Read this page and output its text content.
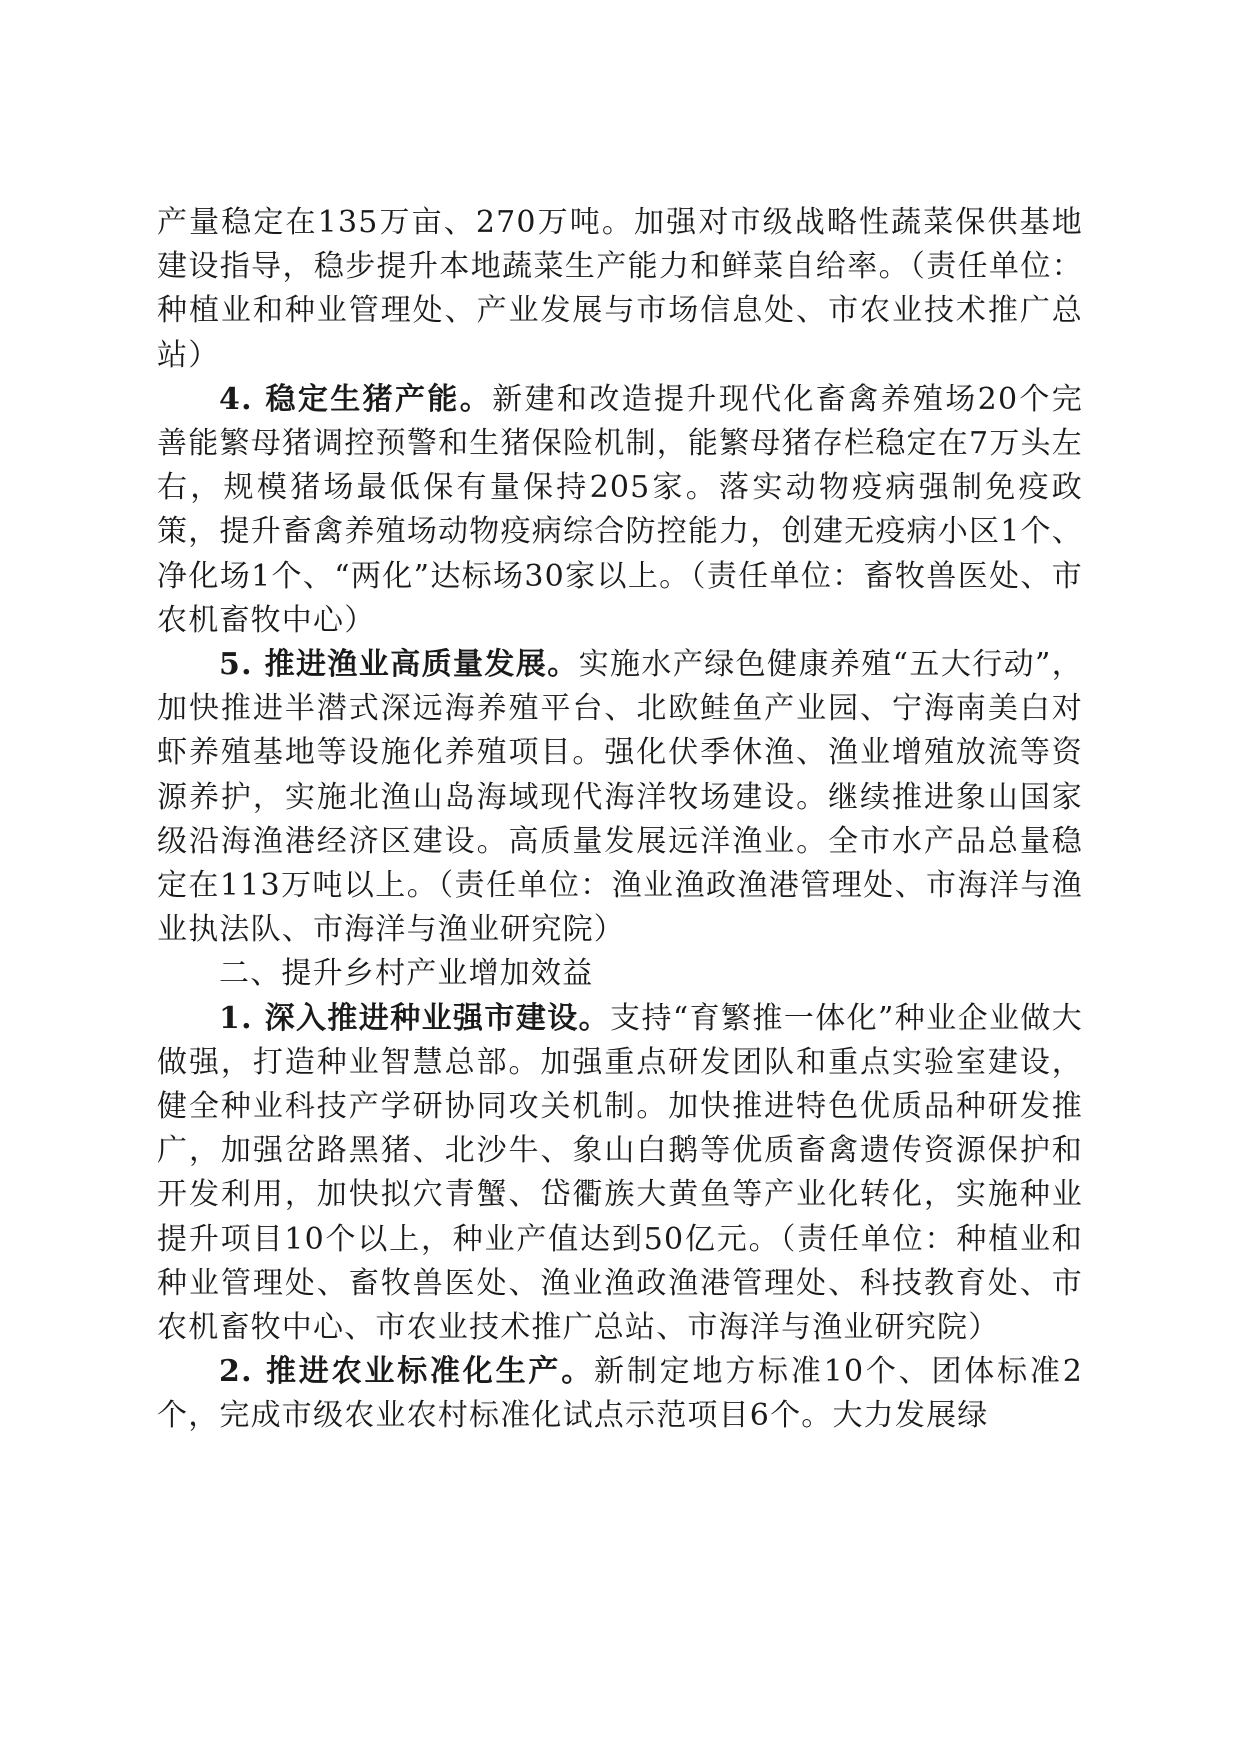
产量稳定在135万亩、270万吨。加强对市级战略性蔬菜保供基地建设指导，稳步提升本地蔬菜生产能力和鲜菜自给率。（责任单位：种植业和种业管理处、产业发展与市场信息处、市农业技术推广总站）

4. 稳定生猪产能。新建和改造提升现代化畜禽养殖场20个完善能繁母猪调控预警和生猪保险机制，能繁母猪存栏稳定在7万头左右，规模猪场最低保有量保持205家。落实动物疫病强制免疫政策，提升畜禽养殖场动物疫病综合防控能力，创建无疫病小区1个、净化场1个、“两化”达标场30家以上。（责任单位：畜牧兽医处、市农机畜牧中心）

5. 推进渔业高质量发展。实施水产绿色健康养殖“五大行动”，加快推进半潜式深远海养殖平台、北欧鲑鱼产业园、宁海南美白对虾养殖基地等设施化养殖项目。强化伏季休渔、渔业增殖放流等资源养护，实施北渔山岛海域现代海洋牧场建设。继续推进象山国家级沿海渔港经济区建设。高质量发展远洋渔业。全市水产品总量稳定在113万吨以上。（责任单位：渔业渔政渔港管理处、市海洋与渔业执法队、市海洋与渔业研究院）

二、提升乡村产业增加效益

1. 深入推进种业强市建设。支持“育繁推一体化”种业企业做大做强，打造种业智慧总部。加强重点研发团队和重点实验室建设，健全种业科技产学研协同攻关机制。加快推进特色优质品种研发推广，加强岔路黑猪、北沙牛、象山白鹅等优质畜禽遗传资源保护和开发利用，加快拟穴青蟹、岱衢族大黄鱼等产业化转化，实施种业提升项目10个以上，种业产值达到50亿元。（责任单位：种植业和种业管理处、畜牧兽医处、渔业渔政渔港管理处、科技教育处、市农机畜牧中心、市农业技术推广总站、市海洋与渔业研究院）

2. 推进农业标准化生产。新制定地方标准10个、团体标准2个，完成市级农业农村标准化试点示范项目6个。大力发展绿
